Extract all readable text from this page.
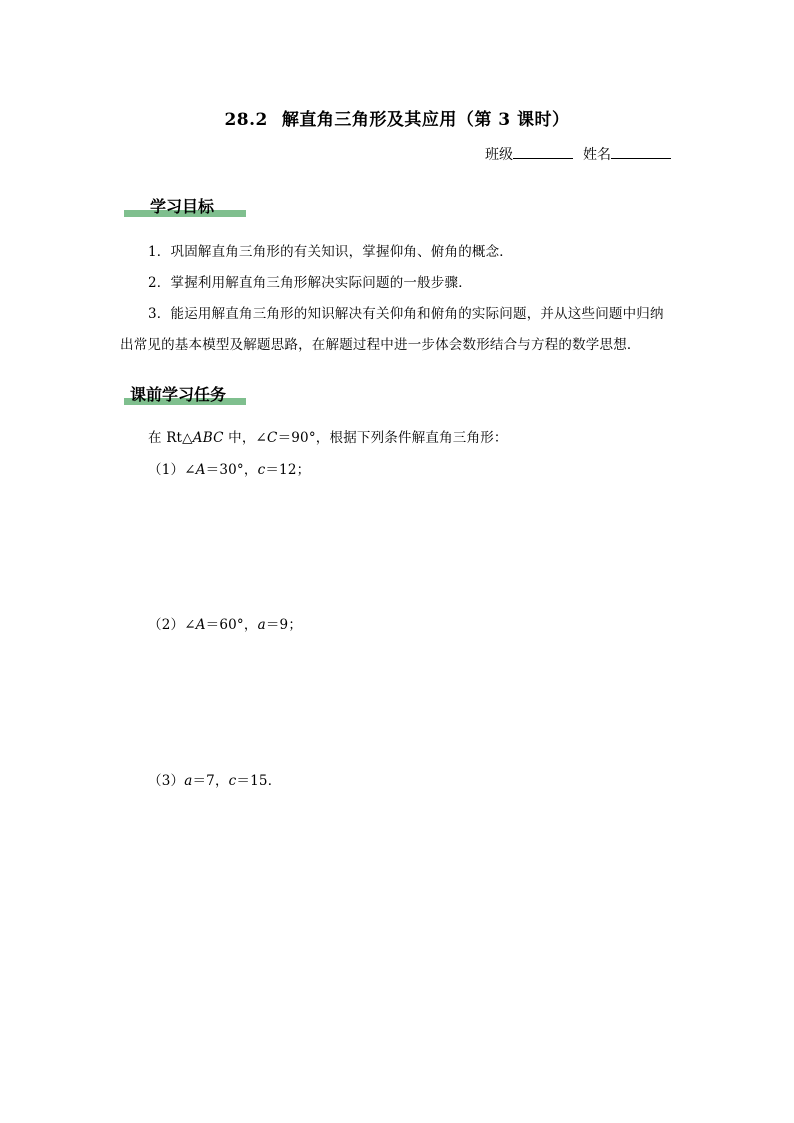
28.2 解直角三角形及其应用（第 3 课时）
班级	姓名
学习目标
1．巩固解直角三角形的有关知识，掌握仰角、俯角的概念．
2．掌握利用解直角三角形解决实际问题的一般步骤．
3．能运用解直角三角形的知识解决有关仰角和俯角的实际问题，并从这些问题中归纳
出常见的基本模型及解题思路，在解题过程中进一步体会数形结合与方程的数学思想．
课前学习任务
在 Rt△ABC 中，∠C＝90°，根据下列条件解直角三角形：
（1）∠A＝30°，c＝12；
（2）∠A＝60°，a＝9；
（3）a＝7，c＝15．
